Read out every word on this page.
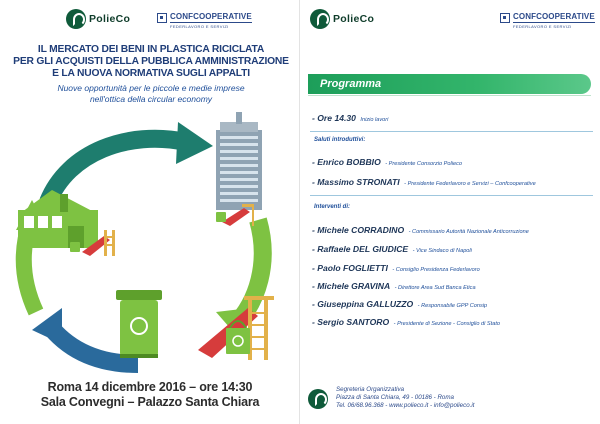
PolieCo	CONFCOOPERATIVE
FEDERLAVORO E SERVIZI
IL MERCATO DEI BENI IN PLASTICA RICICLATA
PER GLI ACQUISTI DELLA PUBBLICA AMMINISTRAZIONE
E LA NUOVA NORMATIVA SUGLI APPALTI
Nuove opportunità per le piccole e medie imprese
nell'ottica della circular economy
Roma 14 dicembre 2016 – ore 14:30
Sala Convegni – Palazzo Santa Chiara
PolieCo	CONFCOOPERATIVE
FEDERLAVORO E SERVIZI
Programma
- Ore 14.30 Inizio lavori
Saluti introduttivi:
- Enrico BOBBIO - Presidente Consorzio Polieco
- Massimo STRONATI - Presidente Federlavoro e Servizi – Confcooperative
Interventi di:
- Michele CORRADINO - Commissario Autorità Nazionale Anticorruzione
- Raffaele DEL GIUDICE - Vice Sindaco di Napoli
- Paolo FOGLIETTI - Consiglio Presidenza Federlavoro
- Michele GRAVINA - Direttore Area Sud Banca Etica
- Giuseppina GALLUZZO - Responsabile GPP Consip
- Sergio SANTORO - Presidente di Sezione - Consiglio di Stato
Segreteria Organizzativa
Piazza di Santa Chiara, 49 - 00186 - Roma
Tel. 06/68.96.368 - www.polieco.it - info@polieco.it
